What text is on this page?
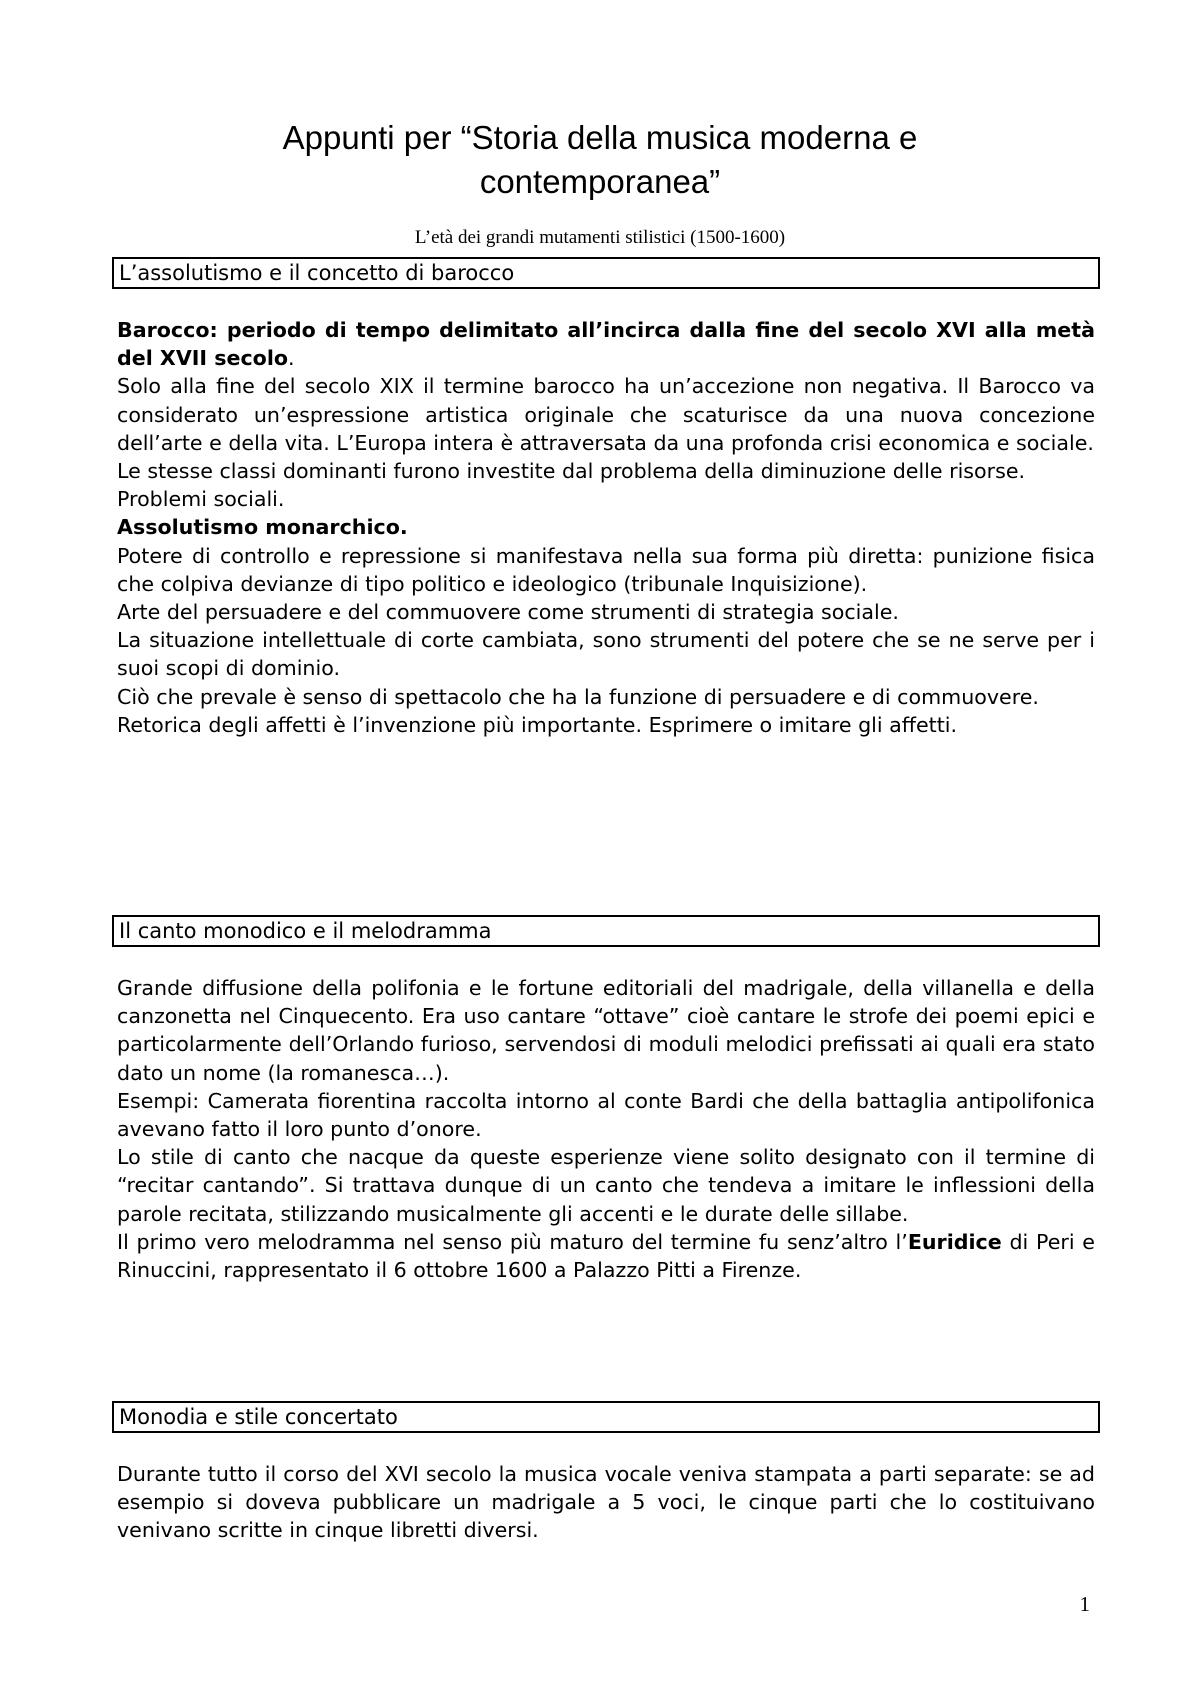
Appunti per “Storia della musica moderna e
contemporanea”
L’età dei grandi mutamenti stilistici (1500-1600)
L’assolutismo e il concetto di barocco

Barocco: periodo di tempo delimitato all’incirca dalla fine del secolo XVI alla metà del XVII secolo.

Solo alla fine del secolo XIX il termine barocco ha un’accezione non negativa. Il Barocco va considerato un’espressione artistica originale che scaturisce da una nuova concezione dell’arte e della vita. L’Europa intera è attraversata da una profonda crisi economica e sociale.

Le stesse classi dominanti furono investite dal problema della diminuzione delle risorse.

Problemi sociali.

Assolutismo monarchico.

Potere di controllo e repressione si manifestava nella sua forma più diretta: punizione fisica che colpiva devianze di tipo politico e ideologico (tribunale Inquisizione).

Arte del persuadere e del commuovere come strumenti di strategia sociale.

La situazione intellettuale di corte cambiata, sono strumenti del potere che se ne serve per i suoi scopi di dominio.

Ciò che prevale è senso di spettacolo che ha la funzione di persuadere e di commuovere.

Retorica degli affetti è l’invenzione più importante. Esprimere o imitare gli affetti.

Il canto monodico e il melodramma

Grande diffusione della polifonia e le fortune editoriali del madrigale, della villanella e della canzonetta nel Cinquecento. Era uso cantare “ottave” cioè cantare le strofe dei poemi epici e particolarmente dell’Orlando furioso, servendosi di moduli melodici prefissati ai quali era stato dato un nome (la romanesca…).

Esempi: Camerata fiorentina raccolta intorno al conte Bardi che della battaglia antipolifonica avevano fatto il loro punto d’onore.

Lo stile di canto che nacque da queste esperienze viene solito designato con il termine di “recitar cantando”. Si trattava dunque di un canto che tendeva a imitare le inflessioni della parole recitata, stilizzando musicalmente gli accenti e le durate delle sillabe.

Il primo vero melodramma nel senso più maturo del termine fu senz’altro l’Euridice di Peri e Rinuccini, rappresentato il 6 ottobre 1600 a Palazzo Pitti a Firenze.

Monodia e stile concertato

Durante tutto il corso del XVI secolo la musica vocale veniva stampata a parti separate: se ad esempio si doveva pubblicare un madrigale a 5 voci, le cinque parti che lo costituivano venivano scritte in cinque libretti diversi.

1
